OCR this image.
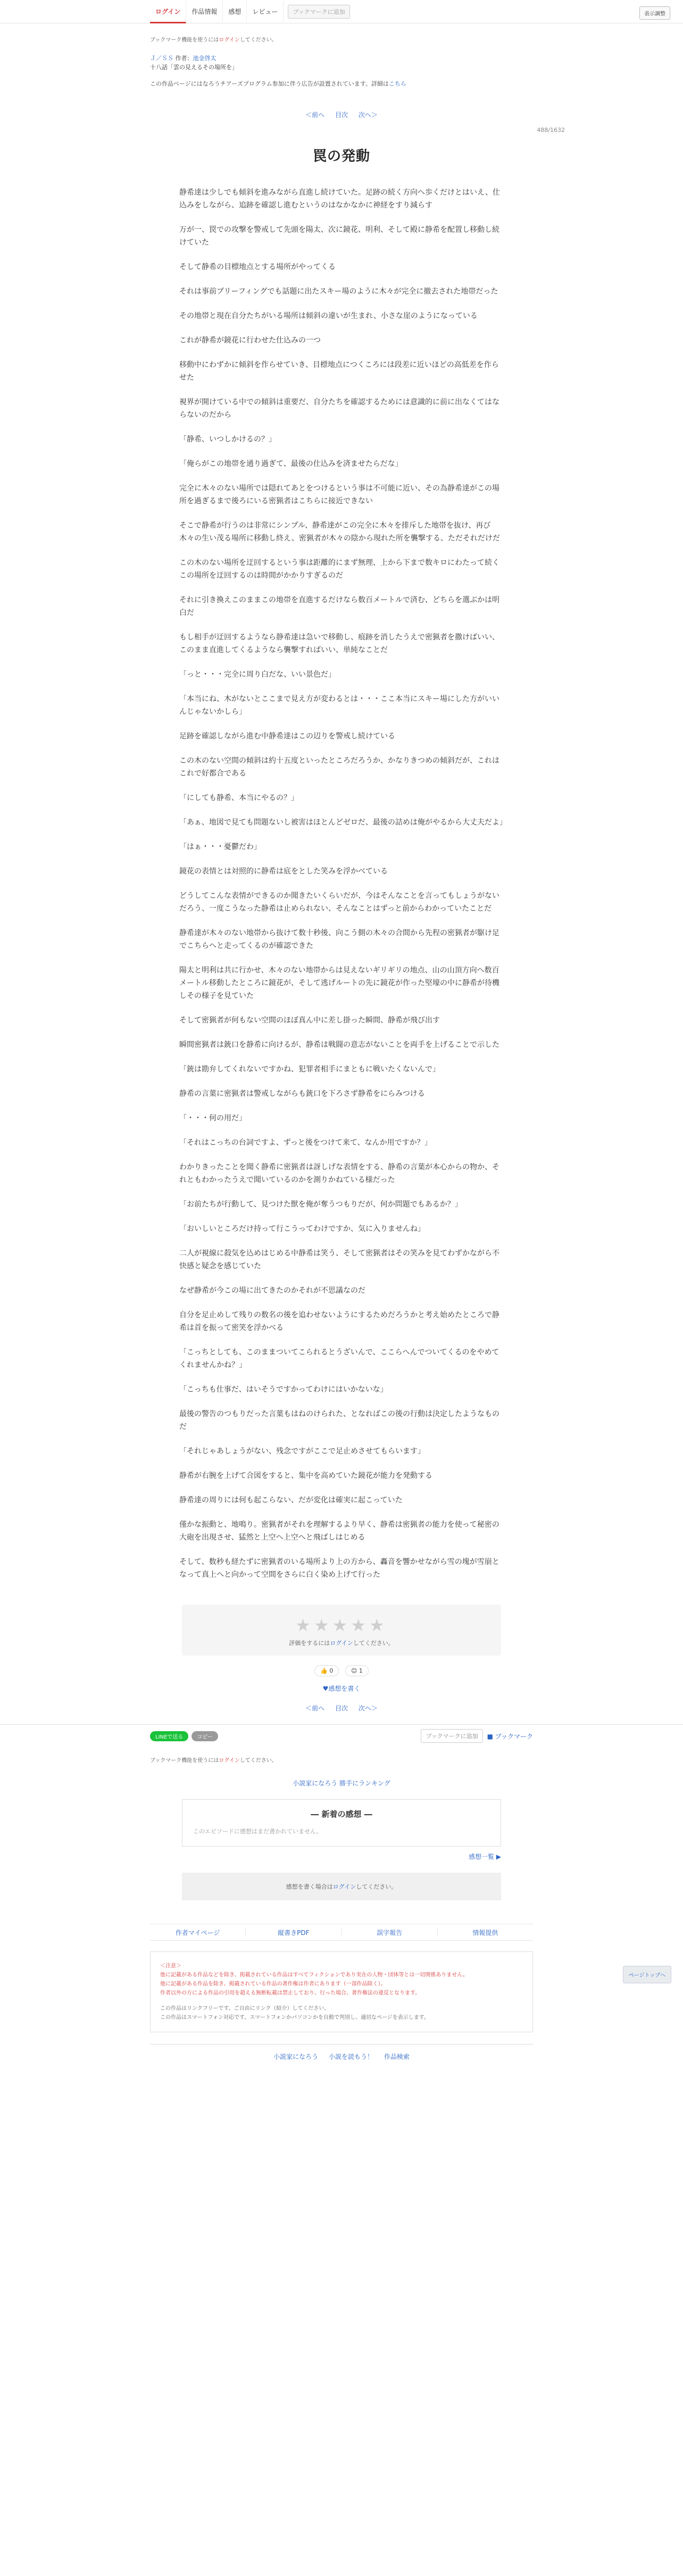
ログイン	作品情報	感想	レビュー	ブックマークに追加	表示調整
ブックマーク機能を使うにはログインしてください。
Ｊ／ＳＳ 作者：池金啓太
十八話「雲の見えるその場所を」
この作品ページにはなろうチアーズプログラム参加に伴う広告が設置されています。詳細はこちら
＜前へ 目次 次へ＞
488/1632
罠の発動

静希達は少しでも傾斜を進みながら直進し続けていた。足跡の続く方向へ歩くだけとはいえ、仕込みをしながら、追跡を確認し進むというのはなかなかに神経をすり減らす

万が一、罠での攻撃を警戒して先頭を陽太、次に鏡花、明利、そして殿に静希を配置し移動し続けていた

そして静希の目標地点とする場所がやってくる

それは事前ブリーフィングでも話題に出たスキー場のように木々が完全に撤去された地帯だった

その地帯と現在自分たちがいる場所は傾斜の違いが生まれ、小さな崖のようになっている

これが静希が鏡花に行わせた仕込みの一つ

移動中にわずかに傾斜を作らせていき、目標地点につくころには段差に近いほどの高低差を作らせた

視界が開けている中での傾斜は重要だ、自分たちを確認するためには意識的に前に出なくてはならないのだから

「静希、いつしかけるの？」

「俺らがこの地帯を通り過ぎて、最後の仕込みを済ませたらだな」

完全に木々のない場所では隠れてあとをつけるという事は不可能に近い、その為静希達がこの場所を過ぎるまで後ろにいる密猟者はこちらに接近できない

そこで静希が行うのは非常にシンプル、静希達がこの完全に木々を排斥した地帯を抜け、再び木々の生い茂る場所に移動し終え、密猟者が木々の陰から現れた所を襲撃する、ただそれだけだ

この木のない場所を迂回するという事は距離的にまず無理、上から下まで数キロにわたって続くこの場所を迂回するのは時間がかかりすぎるのだ

それに引き換えこのままこの地帯を直進するだけなら数百メートルで済む、どちらを選ぶかは明白だ

もし相手が迂回するようなら静希達は急いで移動し、痕跡を消したうえで密猟者を撒けばいい、このまま直進してくるようなら襲撃すればいい、単純なことだ

「っと・・・完全に周り白だな、いい景色だ」

「本当にね、木がないとここまで見え方が変わるとは・・・ここ本当にスキー場にした方がいいんじゃないかしら」

足跡を確認しながら進む中静希達はこの辺りを警戒し続けている

この木のない空間の傾斜は約十五度といったところだろうか、かなりきつめの傾斜だが、これはこれで好都合である

「にしても静希、本当にやるの？」

「あぁ、地図で見ても問題ないし被害はほとんどゼロだ、最後の詰めは俺がやるから大丈夫だよ」

「はぁ・・・憂鬱だわ」

鏡花の表情とは対照的に静希は底をとした笑みを浮かべている

どうしてこんな表情ができるのか聞きたいくらいだが、今はそんなことを言ってもしょうがないだろう、一度こうなった静希は止められない、そんなことはずっと前からわかっていたことだ

静希達が木々のない地帯から抜けて数十秒後、向こう側の木々の合間から先程の密猟者が駆け足でこちらへと走ってくるのが確認できた

陽太と明利は共に行かせ、木々のない地帯からは見えないギリギリの地点、山の山頂方向へ数百メートル移動したところに鏡花が、そして逃げルートの先に鏡花が作った堅壕の中に静希が待機しその様子を見ていた

そして密猟者が何もない空間のほぼ真ん中に差し掛った瞬間、静希が飛び出す

瞬間密猟者は銃口を静希に向けるが、静希は戦闘の意志がないことを両手を上げることで示した

「銃は勘弁してくれないですかね、犯罪者相手にまともに戦いたくないんで」

静希の言葉に密猟者は警戒しながらも銃口を下ろさず静希をにらみつける

「・・・何の用だ」

「それはこっちの台詞ですよ、ずっと後をつけて来て、なんか用ですか？」

わかりきったことを聞く静希に密猟者は訝しげな表情をする、静希の言葉が本心からの物か、それともわかったうえで聞いているのかを測りかねている様だった

「お前たちが行動して、見つけた獣を俺が奪うつもりだが、何か問題でもあるか？」

「おいしいところだけ持って行こうってわけですか、気に入りませんね」

二人が視線に殺気を込めはじめる中静希は笑う、そして密猟者はその笑みを見てわずかながら不快感と疑念を感じていた

なぜ静希が今この場に出てきたのかそれが不思議なのだ

自分を足止めして残りの数名の後を追わせないようにするためだろうかと考え始めたところで静希は首を振って密笑を浮かべる

「こっちとしても、このままついてこられるとうざいんで、ここらへんでついてくるのをやめてくれませんかね？」

「こっちも仕事だ、はいそうですかってわけにはいかないな」

最後の警告のつもりだった言葉もはねのけられた、となればこの後の行動は決定したようなものだ

「それじゃあしょうがない、残念ですがここで足止めさせてもらいます」

静希が右腕を上げて合図をすると、集中を高めていた鏡花が能力を発動する

静希達の周りには何も起こらない、だが変化は確実に起こっていた

僅かな振動と、地鳴り。密猟者がそれを理解するより早く、静希は密猟者の能力を使って秘密の大砲を出現させ、猛然と上空へ上空へと飛ばしはじめる

そして、数秒も経たずに密猟者のいる場所より上の方から、轟音を響かせながら雪の塊が雪崩となって真上へと向かって空間をさらに白く染め上げて行った

★★★★★
評価をするにはログインしてください。
👍 0	😊 1
♥感想を書く
＜前へ 目次 次へ＞
LINEで送る	コピー	ブックマークに追加	■ ブックマーク
ブックマーク機能を使うにはログインしてください。
小説家になろう 勝手にランキング
― 新着の感想 ―

このエピソードに感想はまだ書かれていません。

感想一覧 ▶
感想を書く場合はログインしてください。
作者マイページ	縦書きPDF	誤字報告	情報提供
＜注意＞
他に記載がある作品などを除き、掲載されている作品はすべてフィクションであり実在の人物・団体等とは一切関係ありません。
他に記載がある作品を除き、掲載されている作品の著作権は作者にあります（一部作品除く）。
作者以外の方による作品の引用を超える無断転載は禁止しており、行った場合、著作権法の違反となります。
この作品はリンクフリーです。ご自由にリンク（紹介）してください。
この作品はスマートフォン対応です。スマートフォンかパソコンかを自動で判別し、適切なページを表示します。
小説家になろう 小説を読もう！ 作品検索
ページトップへ
